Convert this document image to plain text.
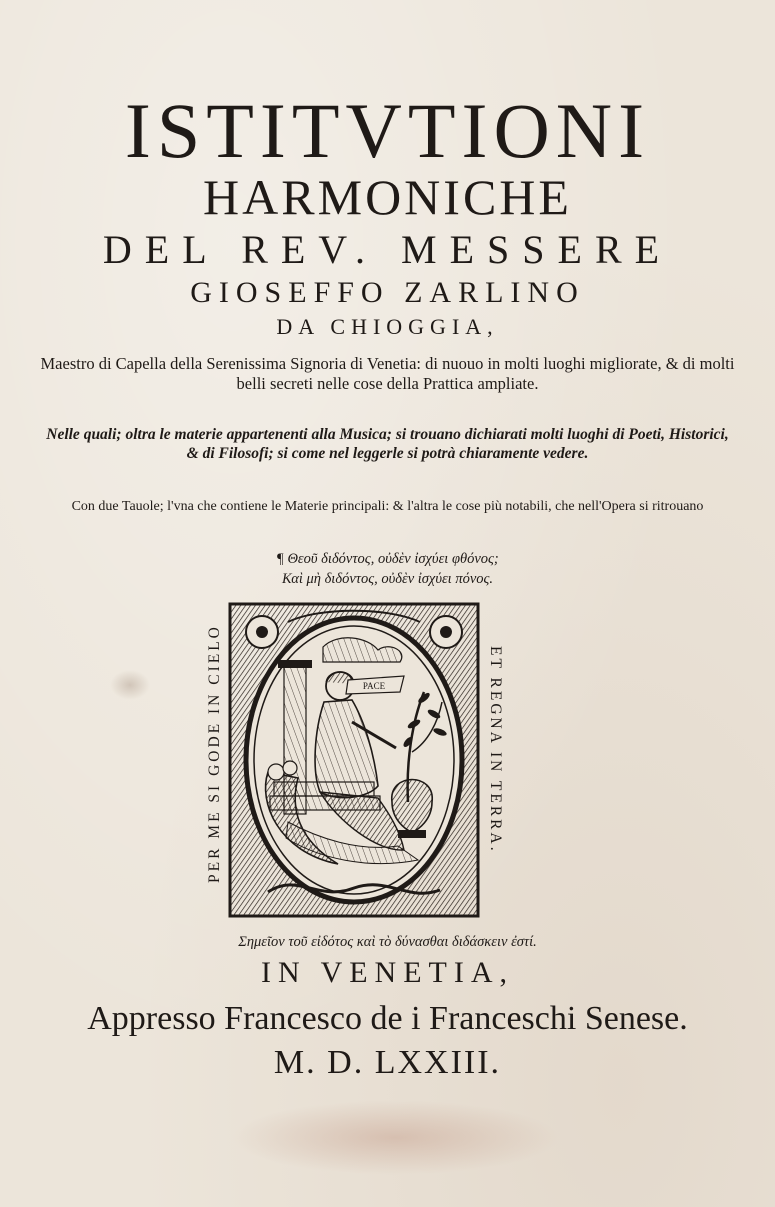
ISTITVTIONI
HARMONICHE
DEL REV. MESSERE
GIOSEFFO ZARLINO
DA CHIOGGIA,
Maestro di Capella della Serenissima Signoria di Venetia: di nuouo in molti luoghi migliorate, & di molti belli secreti nelle cose della Prattica ampliate.
Nelle quali; oltra le materie appartenenti alla Musica; si trouano dichiarati molti luoghi di Poeti, Historici, & di Filosofi; si come nel leggerle si potrà chiaramente vedere.
Con due Tauole; l'vna che contiene le Materie principali: & l'altra le cose più notabili, che nell'Opera si ritrouano
¶ Θεοῦ διδόντος, οὐδὲν ἰσχύει φθόνος;
Καὶ μὴ διδόντος, οὐδὲν ἰσχύει πόνος.
PER ME SI GODE IN CIELO	ET REGNA IN TERRA.
PACE
Σημεῖον τοῦ εἰδότος καὶ τὸ δύνασθαι διδάσκειν ἐστί.
IN VENETIA,
Appresso Francesco de i Franceschi Senese.
M. D. LXXIII.
